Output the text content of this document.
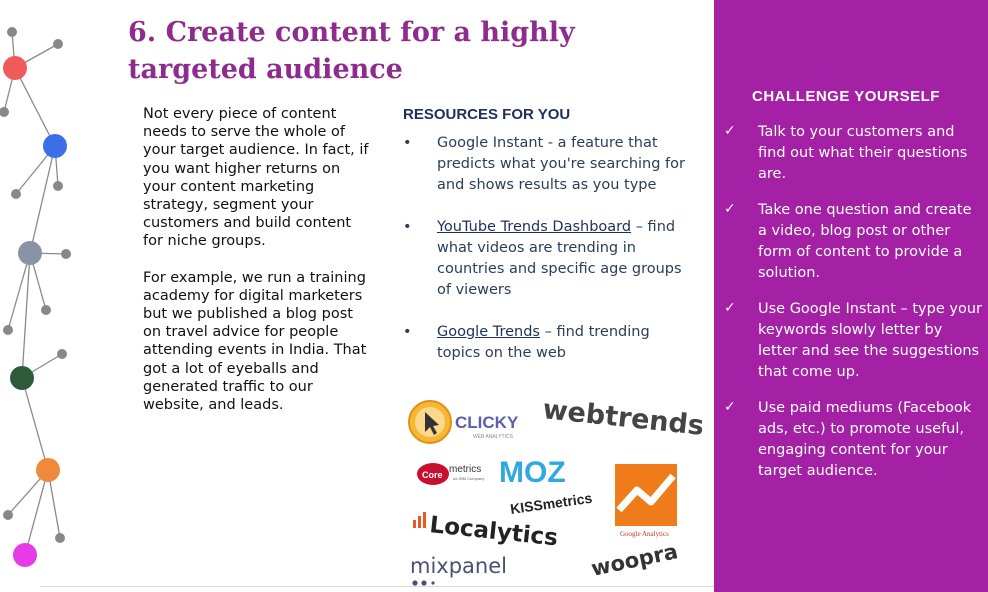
6. Create content for a highly targeted audience

Not every piece of content needs to serve the whole of your target audience. In fact, if you want higher returns on your content marketing strategy, segment your customers and build content for niche groups.

For example, we run a training academy for digital marketers but we published a blog post on travel advice for people attending events in India. That got a lot of eyeballs and generated traffic to our website, and leads.

RESOURCES FOR YOU
• Google Instant - a feature that predicts what you're searching for and shows results as you type
• YouTube Trends Dashboard – find what videos are trending in countries and specific age groups of viewers
• Google Trends – find trending topics on the web
CLICKY
WEB ANALYTICS webtrends
Core metrics
An IBM Company MOZ
Google Analytics
KISSmetrics
Localytics
mixpanel	woopra
CHALLENGE YOURSELF
✓ Talk to your customers and find out what their questions are.
✓ Take one question and create a video, blog post or other form of content to provide a solution.
✓ Use Google Instant – type your keywords slowly letter by letter and see the suggestions that come up.
✓ Use paid mediums (Facebook ads, etc.) to promote useful, engaging content for your target audience.
